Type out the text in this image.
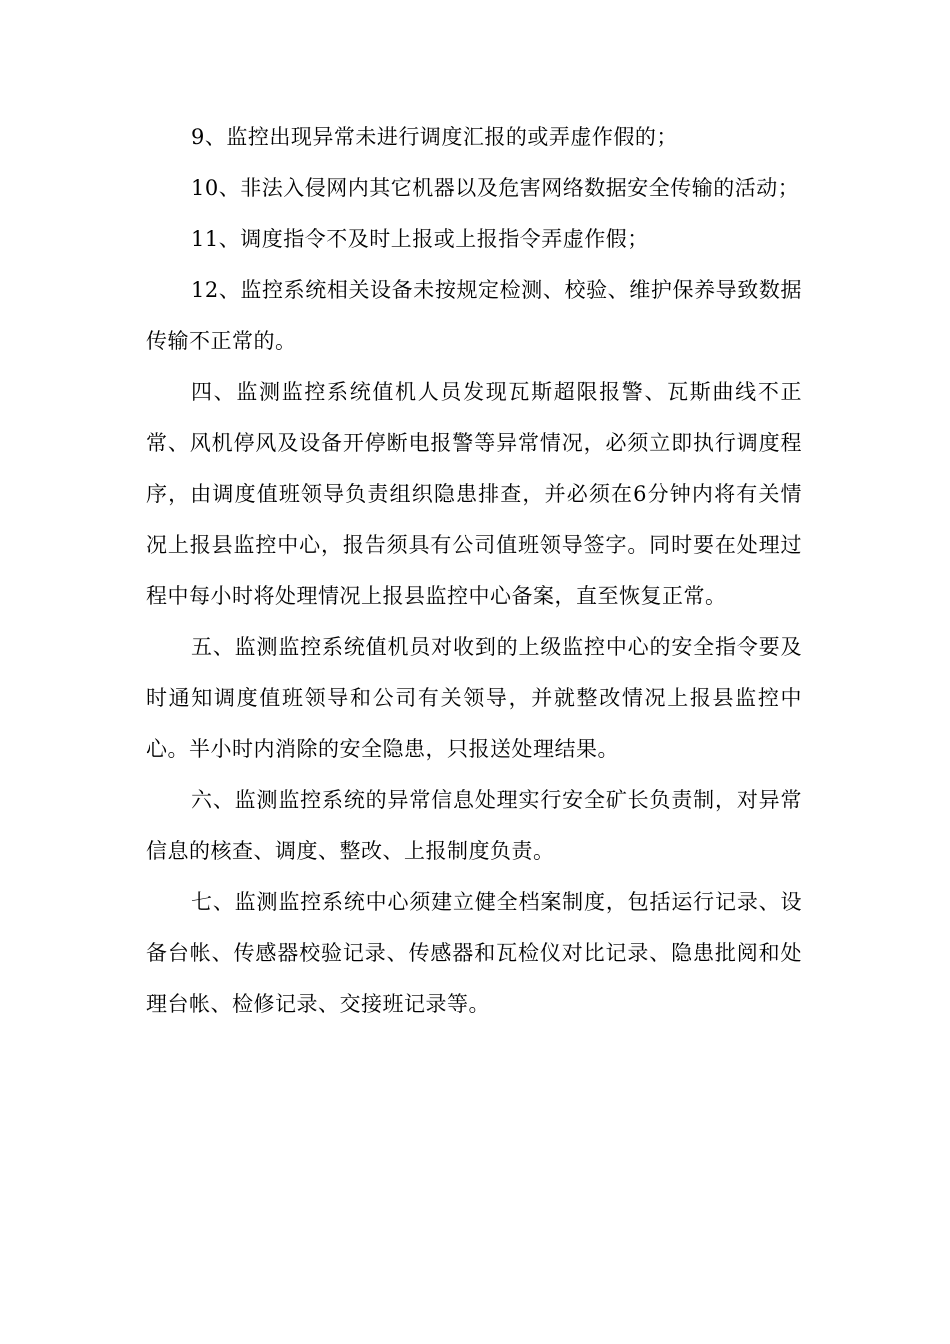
9、监控出现异常未进行调度汇报的或弄虚作假的；

10、非法入侵网内其它机器以及危害网络数据安全传输的活动；

11、调度指令不及时上报或上报指令弄虚作假；

12、监控系统相关设备未按规定检测、校验、维护保养导致数据传输不正常的。

四、监测监控系统值机人员发现瓦斯超限报警、瓦斯曲线不正常、风机停风及设备开停断电报警等异常情况，必须立即执行调度程序，由调度值班领导负责组织隐患排查，并必须在6分钟内将有关情况上报县监控中心，报告须具有公司值班领导签字。同时要在处理过程中每小时将处理情况上报县监控中心备案，直至恢复正常。

五、监测监控系统值机员对收到的上级监控中心的安全指令要及时通知调度值班领导和公司有关领导，并就整改情况上报县监控中心。半小时内消除的安全隐患，只报送处理结果。

六、监测监控系统的异常信息处理实行安全矿长负责制，对异常信息的核查、调度、整改、上报制度负责。

七、监测监控系统中心须建立健全档案制度，包括运行记录、设备台帐、传感器校验记录、传感器和瓦检仪对比记录、隐患批阅和处理台帐、检修记录、交接班记录等。
